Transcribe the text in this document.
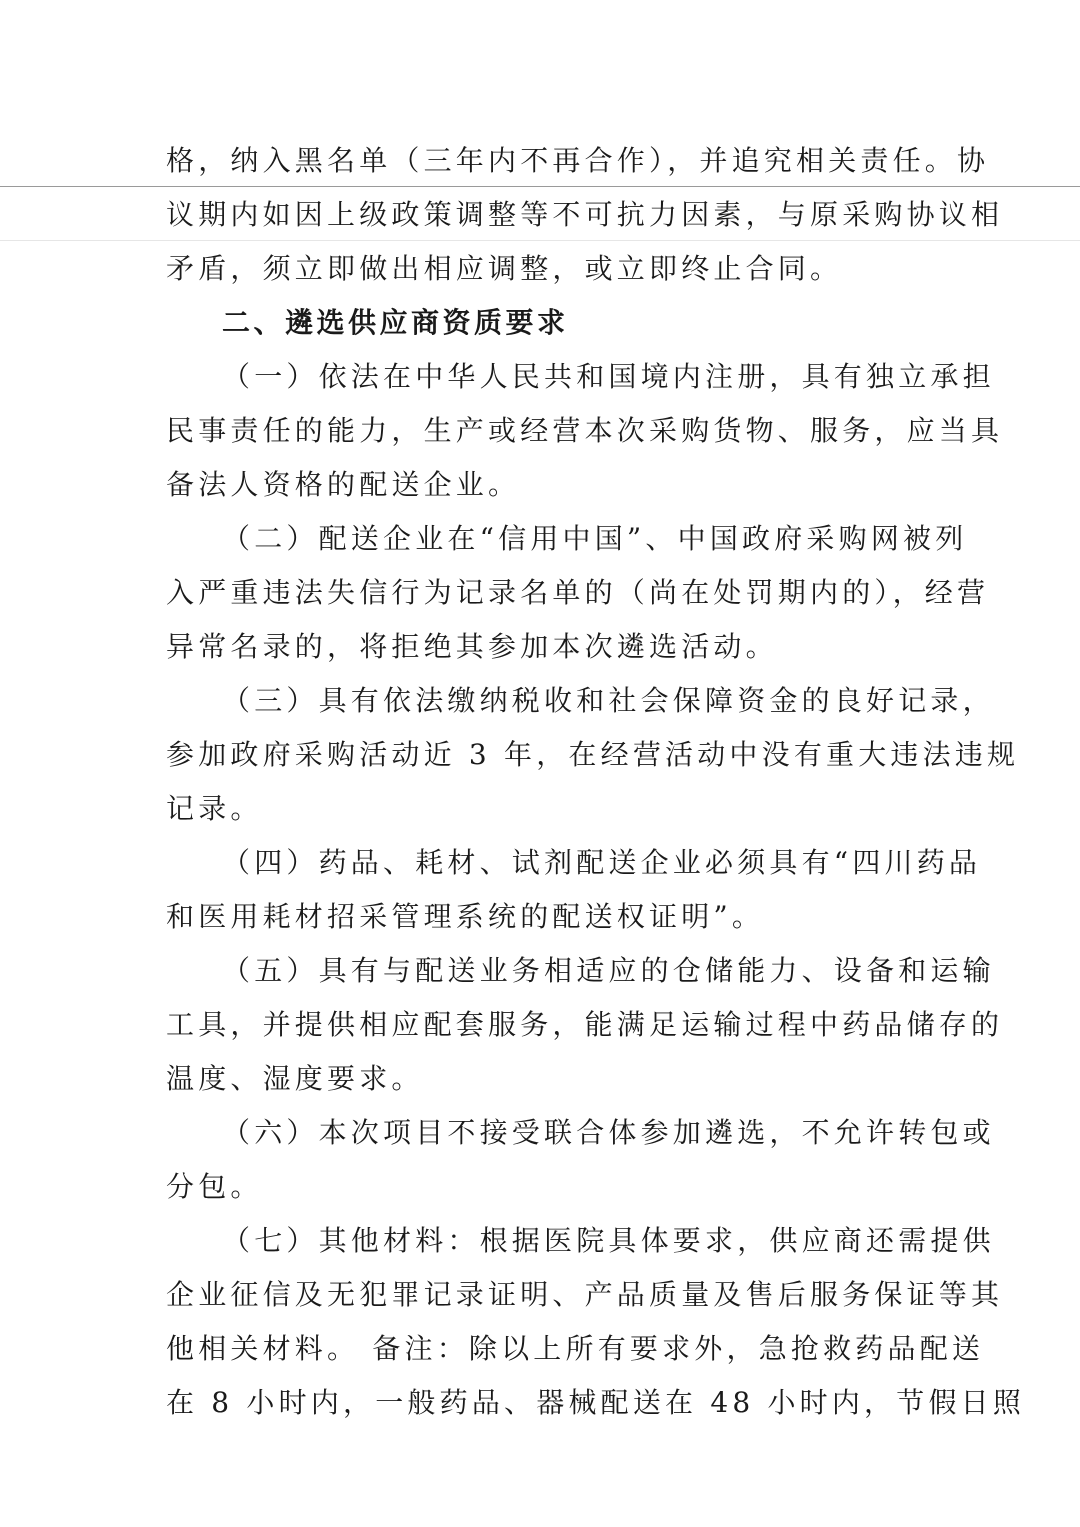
格，纳入黑名单（三年内不再合作），并追究相关责任。协
议期内如因上级政策调整等不可抗力因素，与原采购协议相
矛盾，须立即做出相应调整，或立即终止合同。
二、遴选供应商资质要求
（一）依法在中华人民共和国境内注册，具有独立承担
民事责任的能力，生产或经营本次采购货物、服务，应当具
备法人资格的配送企业。
（二）配送企业在“信用中国”、中国政府采购网被列
入严重违法失信行为记录名单的（尚在处罚期内的），经营
异常名录的，将拒绝其参加本次遴选活动。
（三）具有依法缴纳税收和社会保障资金的良好记录，
参加政府采购活动近 3 年，在经营活动中没有重大违法违规
记录。
（四）药品、耗材、试剂配送企业必须具有“四川药品
和医用耗材招采管理系统的配送权证明”。
（五）具有与配送业务相适应的仓储能力、设备和运输
工具，并提供相应配套服务，能满足运输过程中药品储存的
温度、湿度要求。
（六）本次项目不接受联合体参加遴选，不允许转包或
分包。
（七）其他材料：根据医院具体要求，供应商还需提供
企业征信及无犯罪记录证明、产品质量及售后服务保证等其
他相关材料。 备注：除以上所有要求外，急抢救药品配送
在 8 小时内，一般药品、器械配送在 48 小时内，节假日照
